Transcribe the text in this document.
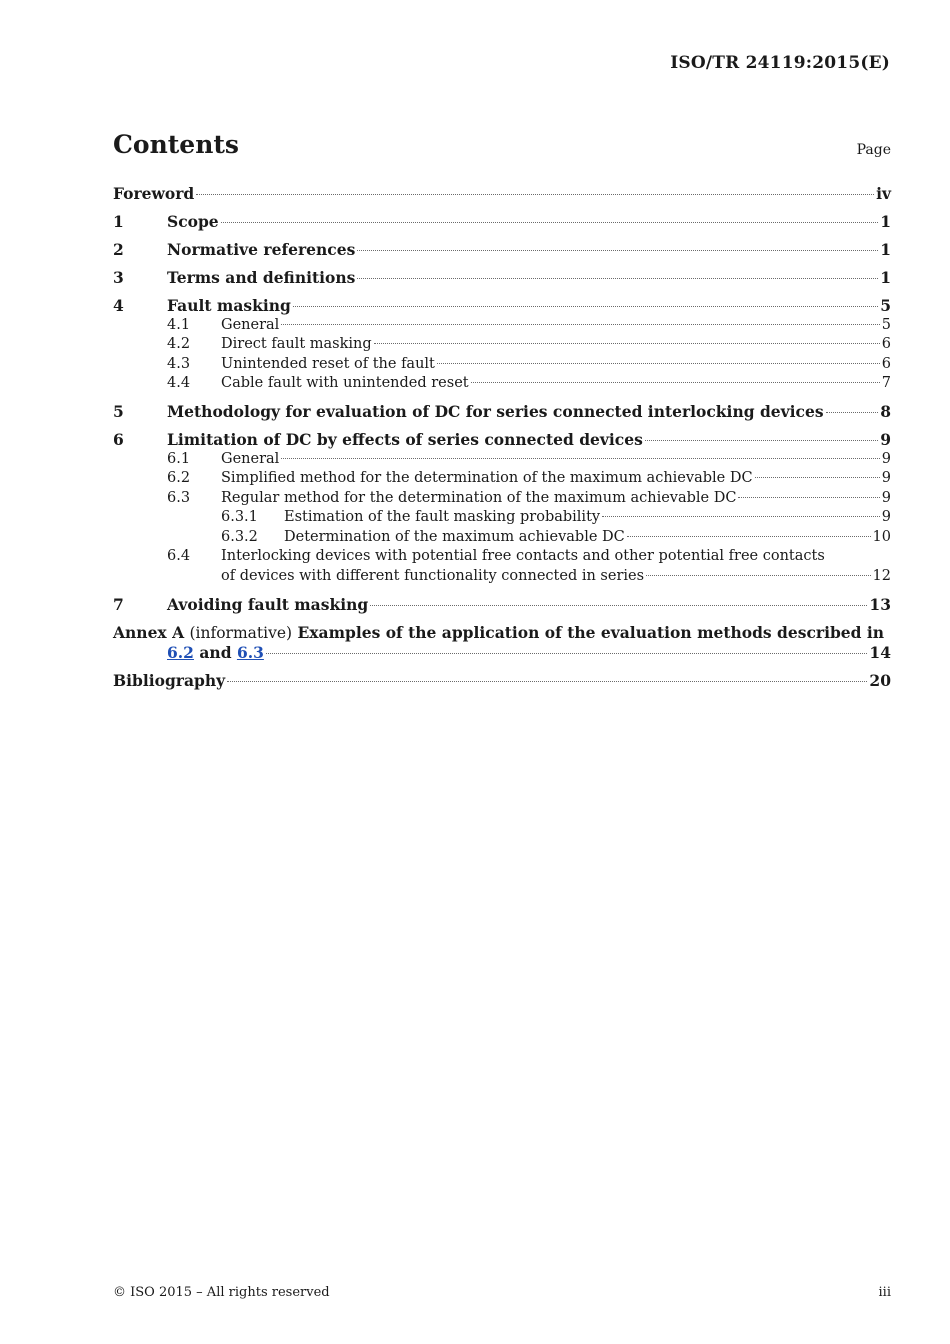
ISO/TR 24119:2015(E)
Contents	Page
Foreword	iv
1	Scope	1
2	Normative references	1
3	Terms and definitions	1
4	Fault masking	5
4.1	General	5
4.2	Direct fault masking	6
4.3	Unintended reset of the fault	6
4.4	Cable fault with unintended reset	7
5	Methodology for evaluation of DC for series connected interlocking devices	8
6	Limitation of DC by effects of series connected devices	9
6.1	General	9
6.2	Simplified method for the determination of the maximum achievable DC	9
6.3	Regular method for the determination of the maximum achievable DC	9
6.3.1	Estimation of the fault masking probability	9
6.3.2	Determination of the maximum achievable DC	10
6.4	Interlocking devices with potential free contacts and other potential free contacts
of devices with different functionality connected in series	12
7	Avoiding fault masking	13
Annex A (informative) Examples of the application of the evaluation methods described in
6.2 and 6.3	14
Bibliography	20
© ISO 2015 – All rights reserved	iii
